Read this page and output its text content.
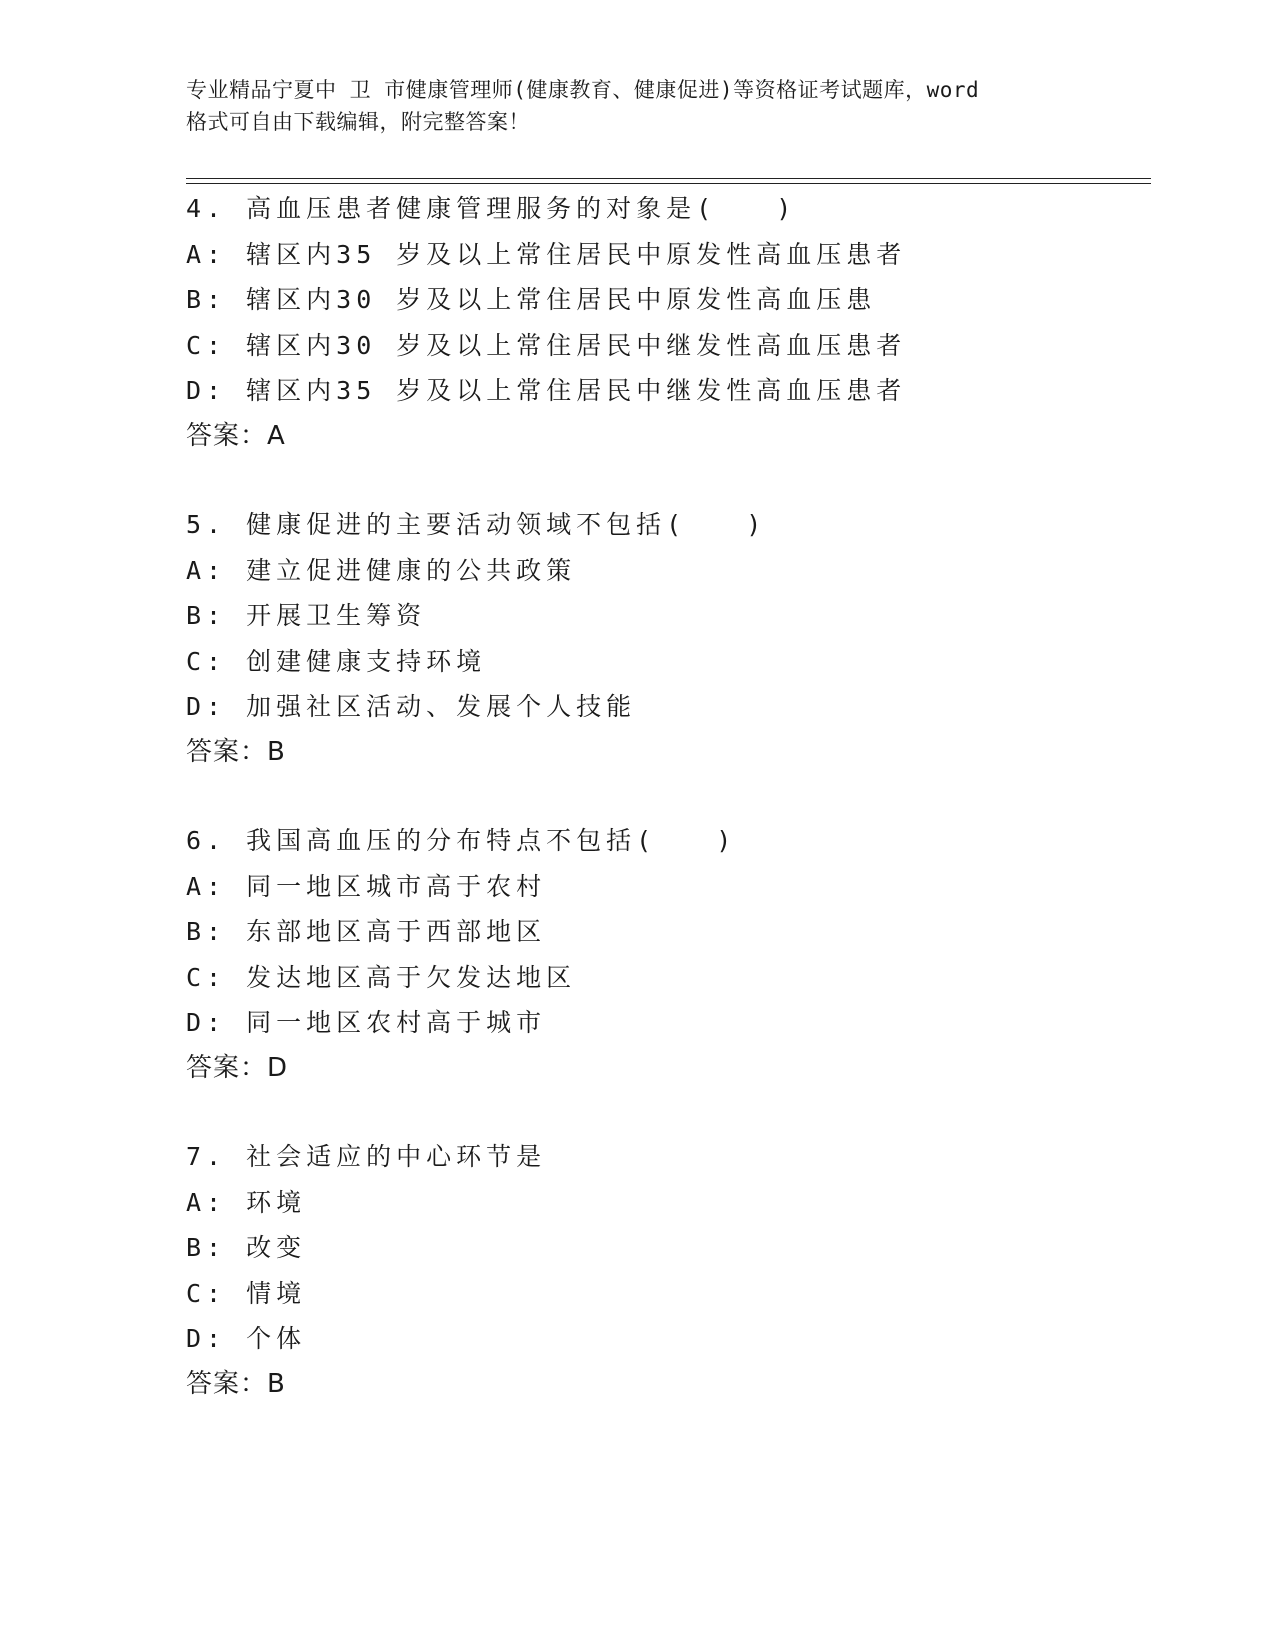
专业精品宁夏中 卫 市健康管理师(健康教育、健康促进)等资格证考试题库，word
格式可自由下载编辑，附完整答案！
4. 高血压患者健康管理服务的对象是(　　)
A: 辖区内35 岁及以上常住居民中原发性高血压患者
B: 辖区内30 岁及以上常住居民中原发性高血压患
C: 辖区内30 岁及以上常住居民中继发性高血压患者
D: 辖区内35 岁及以上常住居民中继发性高血压患者
答案：A
5. 健康促进的主要活动领域不包括(　　)
A: 建立促进健康的公共政策
B: 开展卫生筹资
C: 创建健康支持环境
D: 加强社区活动、发展个人技能
答案：B
6. 我国高血压的分布特点不包括(　　)
A: 同一地区城市高于农村
B: 东部地区高于西部地区
C: 发达地区高于欠发达地区
D: 同一地区农村高于城市
答案：D
7. 社会适应的中心环节是
A: 环境
B: 改变
C: 情境
D: 个体
答案：B
